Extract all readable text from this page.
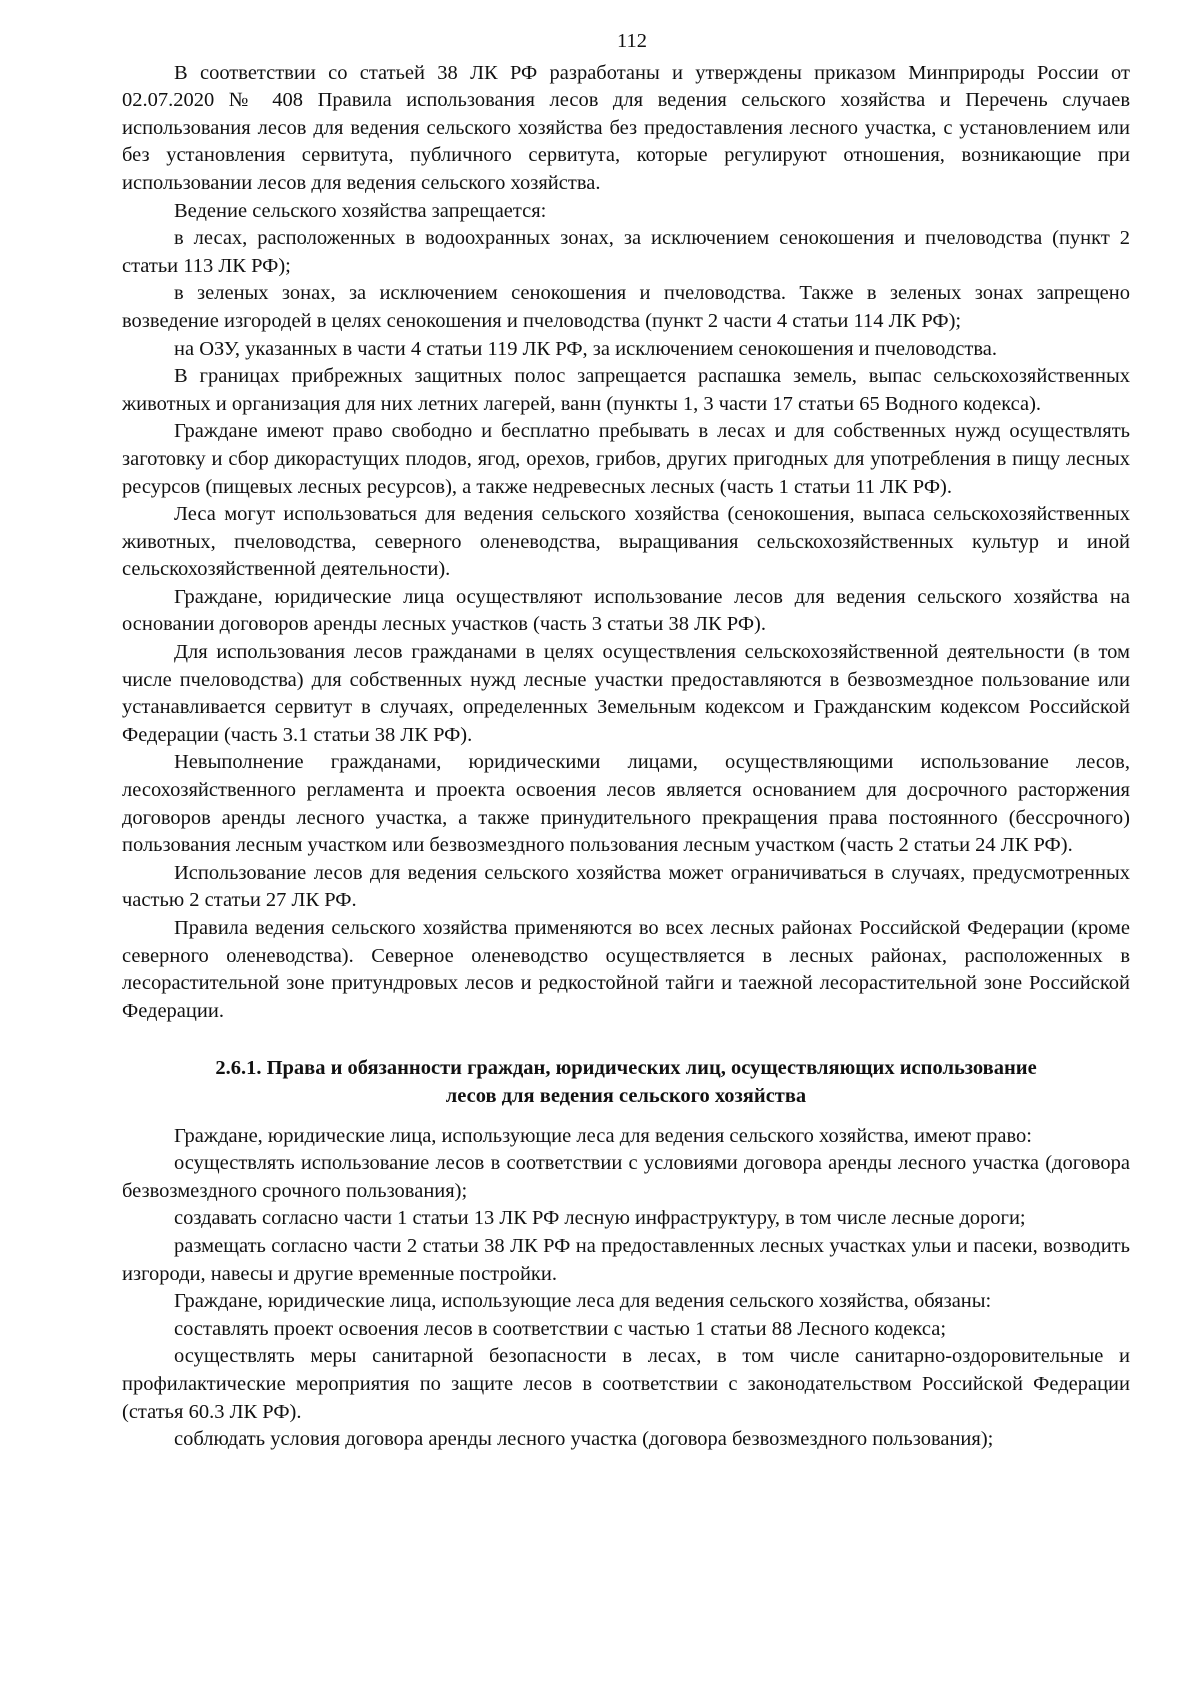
112

В соответствии со статьей 38 ЛК РФ разработаны и утверждены приказом Минприроды России от 02.07.2020 № 408 Правила использования лесов для ведения сельского хозяйства и Перечень случаев использования лесов для ведения сельского хозяйства без предоставления лесного участка, с установлением или без установления сервитута, публичного сервитута, которые регулируют отношения, возникающие при использовании лесов для ведения сельского хозяйства.

Ведение сельского хозяйства запрещается:

в лесах, расположенных в водоохранных зонах, за исключением сенокошения и пчеловодства (пункт 2 статьи 113 ЛК РФ);

в зеленых зонах, за исключением сенокошения и пчеловодства. Также в зеленых зонах запрещено возведение изгородей в целях сенокошения и пчеловодства (пункт 2 части 4 статьи 114 ЛК РФ);

на ОЗУ, указанных в части 4 статьи 119 ЛК РФ, за исключением сенокошения и пчеловодства.

В границах прибрежных защитных полос запрещается распашка земель, выпас сельскохозяйственных животных и организация для них летних лагерей, ванн (пункты 1, 3 части 17 статьи 65 Водного кодекса).

Граждане имеют право свободно и бесплатно пребывать в лесах и для собственных нужд осуществлять заготовку и сбор дикорастущих плодов, ягод, орехов, грибов, других пригодных для употребления в пищу лесных ресурсов (пищевых лесных ресурсов), а также недревесных лесных (часть 1 статьи 11 ЛК РФ).

Леса могут использоваться для ведения сельского хозяйства (сенокошения, выпаса сельскохозяйственных животных, пчеловодства, северного оленеводства, выращивания сельскохозяйственных культур и иной сельскохозяйственной деятельности).

Граждане, юридические лица осуществляют использование лесов для ведения сельского хозяйства на основании договоров аренды лесных участков (часть 3 статьи 38 ЛК РФ).

Для использования лесов гражданами в целях осуществления сельскохозяйственной деятельности (в том числе пчеловодства) для собственных нужд лесные участки предоставляются в безвозмездное пользование или устанавливается сервитут в случаях, определенных Земельным кодексом и Гражданским кодексом Российской Федерации (часть 3.1 статьи 38 ЛК РФ).

Невыполнение гражданами, юридическими лицами, осуществляющими использование лесов, лесохозяйственного регламента и проекта освоения лесов является основанием для досрочного расторжения договоров аренды лесного участка, а также принудительного прекращения права постоянного (бессрочного) пользования лесным участком или безвозмездного пользования лесным участком (часть 2 статьи 24 ЛК РФ).

Использование лесов для ведения сельского хозяйства может ограничиваться в случаях, предусмотренных частью 2 статьи 27 ЛК РФ.

Правила ведения сельского хозяйства применяются во всех лесных районах Российской Федерации (кроме северного оленеводства). Северное оленеводство осуществляется в лесных районах, расположенных в лесорастительной зоне притундровых лесов и редкостойной тайги и таежной лесорастительной зоне Российской Федерации.

2.6.1. Права и обязанности граждан, юридических лиц, осуществляющих использование
лесов для ведения сельского хозяйства

Граждане, юридические лица, использующие леса для ведения сельского хозяйства, имеют право:

осуществлять использование лесов в соответствии с условиями договора аренды лесного участка (договора безвозмездного срочного пользования);

создавать согласно части 1 статьи 13 ЛК РФ лесную инфраструктуру, в том числе лесные дороги;

размещать согласно части 2 статьи 38 ЛК РФ на предоставленных лесных участках ульи и пасеки, возводить изгороди, навесы и другие временные постройки.

Граждане, юридические лица, использующие леса для ведения сельского хозяйства, обязаны:

составлять проект освоения лесов в соответствии с частью 1 статьи 88 Лесного кодекса;

осуществлять меры санитарной безопасности в лесах, в том числе санитарно-оздоровительные и профилактические мероприятия по защите лесов в соответствии с законодательством Российской Федерации (статья 60.3 ЛК РФ).

соблюдать условия договора аренды лесного участка (договора безвозмездного пользования);
